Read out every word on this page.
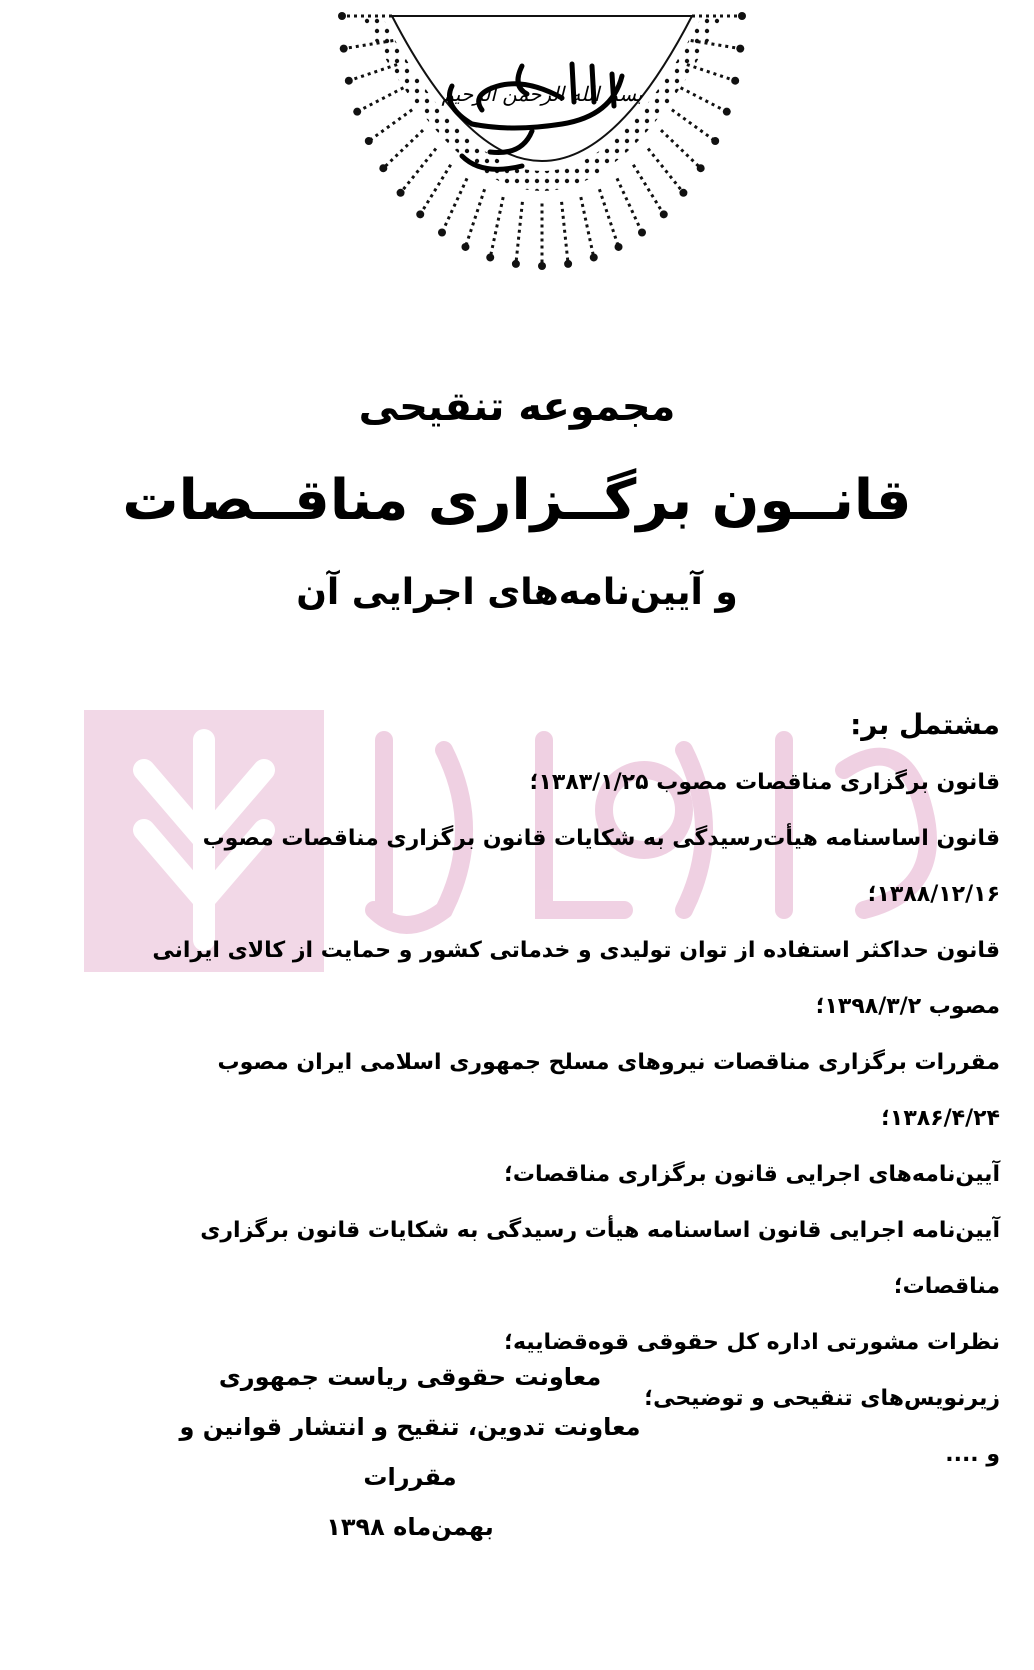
بسم الله الرحمن الرحیم
مجموعه تنقیحی
قانــون برگــزاری مناقــصات
و آیین‌نامه‌های اجرایی آن
مشتمل بر:
قانون برگزاری مناقصات مصوب ۱۳۸۳/۱/۲۵؛
قانون اساسنامه هیأت‌رسیدگی به شکایات قانون برگزاری مناقصات مصوب ۱۳۸۸/۱۲/۱۶؛
قانون حداکثر استفاده از توان تولیدی و خدماتی کشور و حمایت از کالای ایرانی مصوب ۱۳۹۸/۳/۲؛
مقررات برگزاری مناقصات نیروهای مسلح جمهوری اسلامی ایران مصوب ۱۳۸۶/۴/۲۴؛
آیین‌نامه‌های اجرایی قانون برگزاری مناقصات؛
آیین‌نامه اجرایی قانون اساسنامه هیأت رسیدگی به شکایات قانون برگزاری مناقصات؛
نظرات مشورتی اداره کل حقوقی قوه‌قضاییه؛
زیرنویس‌های تنقیحی و توضیحی؛
و ....
معاونت حقوقی ریاست جمهوری
معاونت تدوین، تنقیح و انتشار قوانین و مقررات
بهمن‌ماه ۱۳۹۸
